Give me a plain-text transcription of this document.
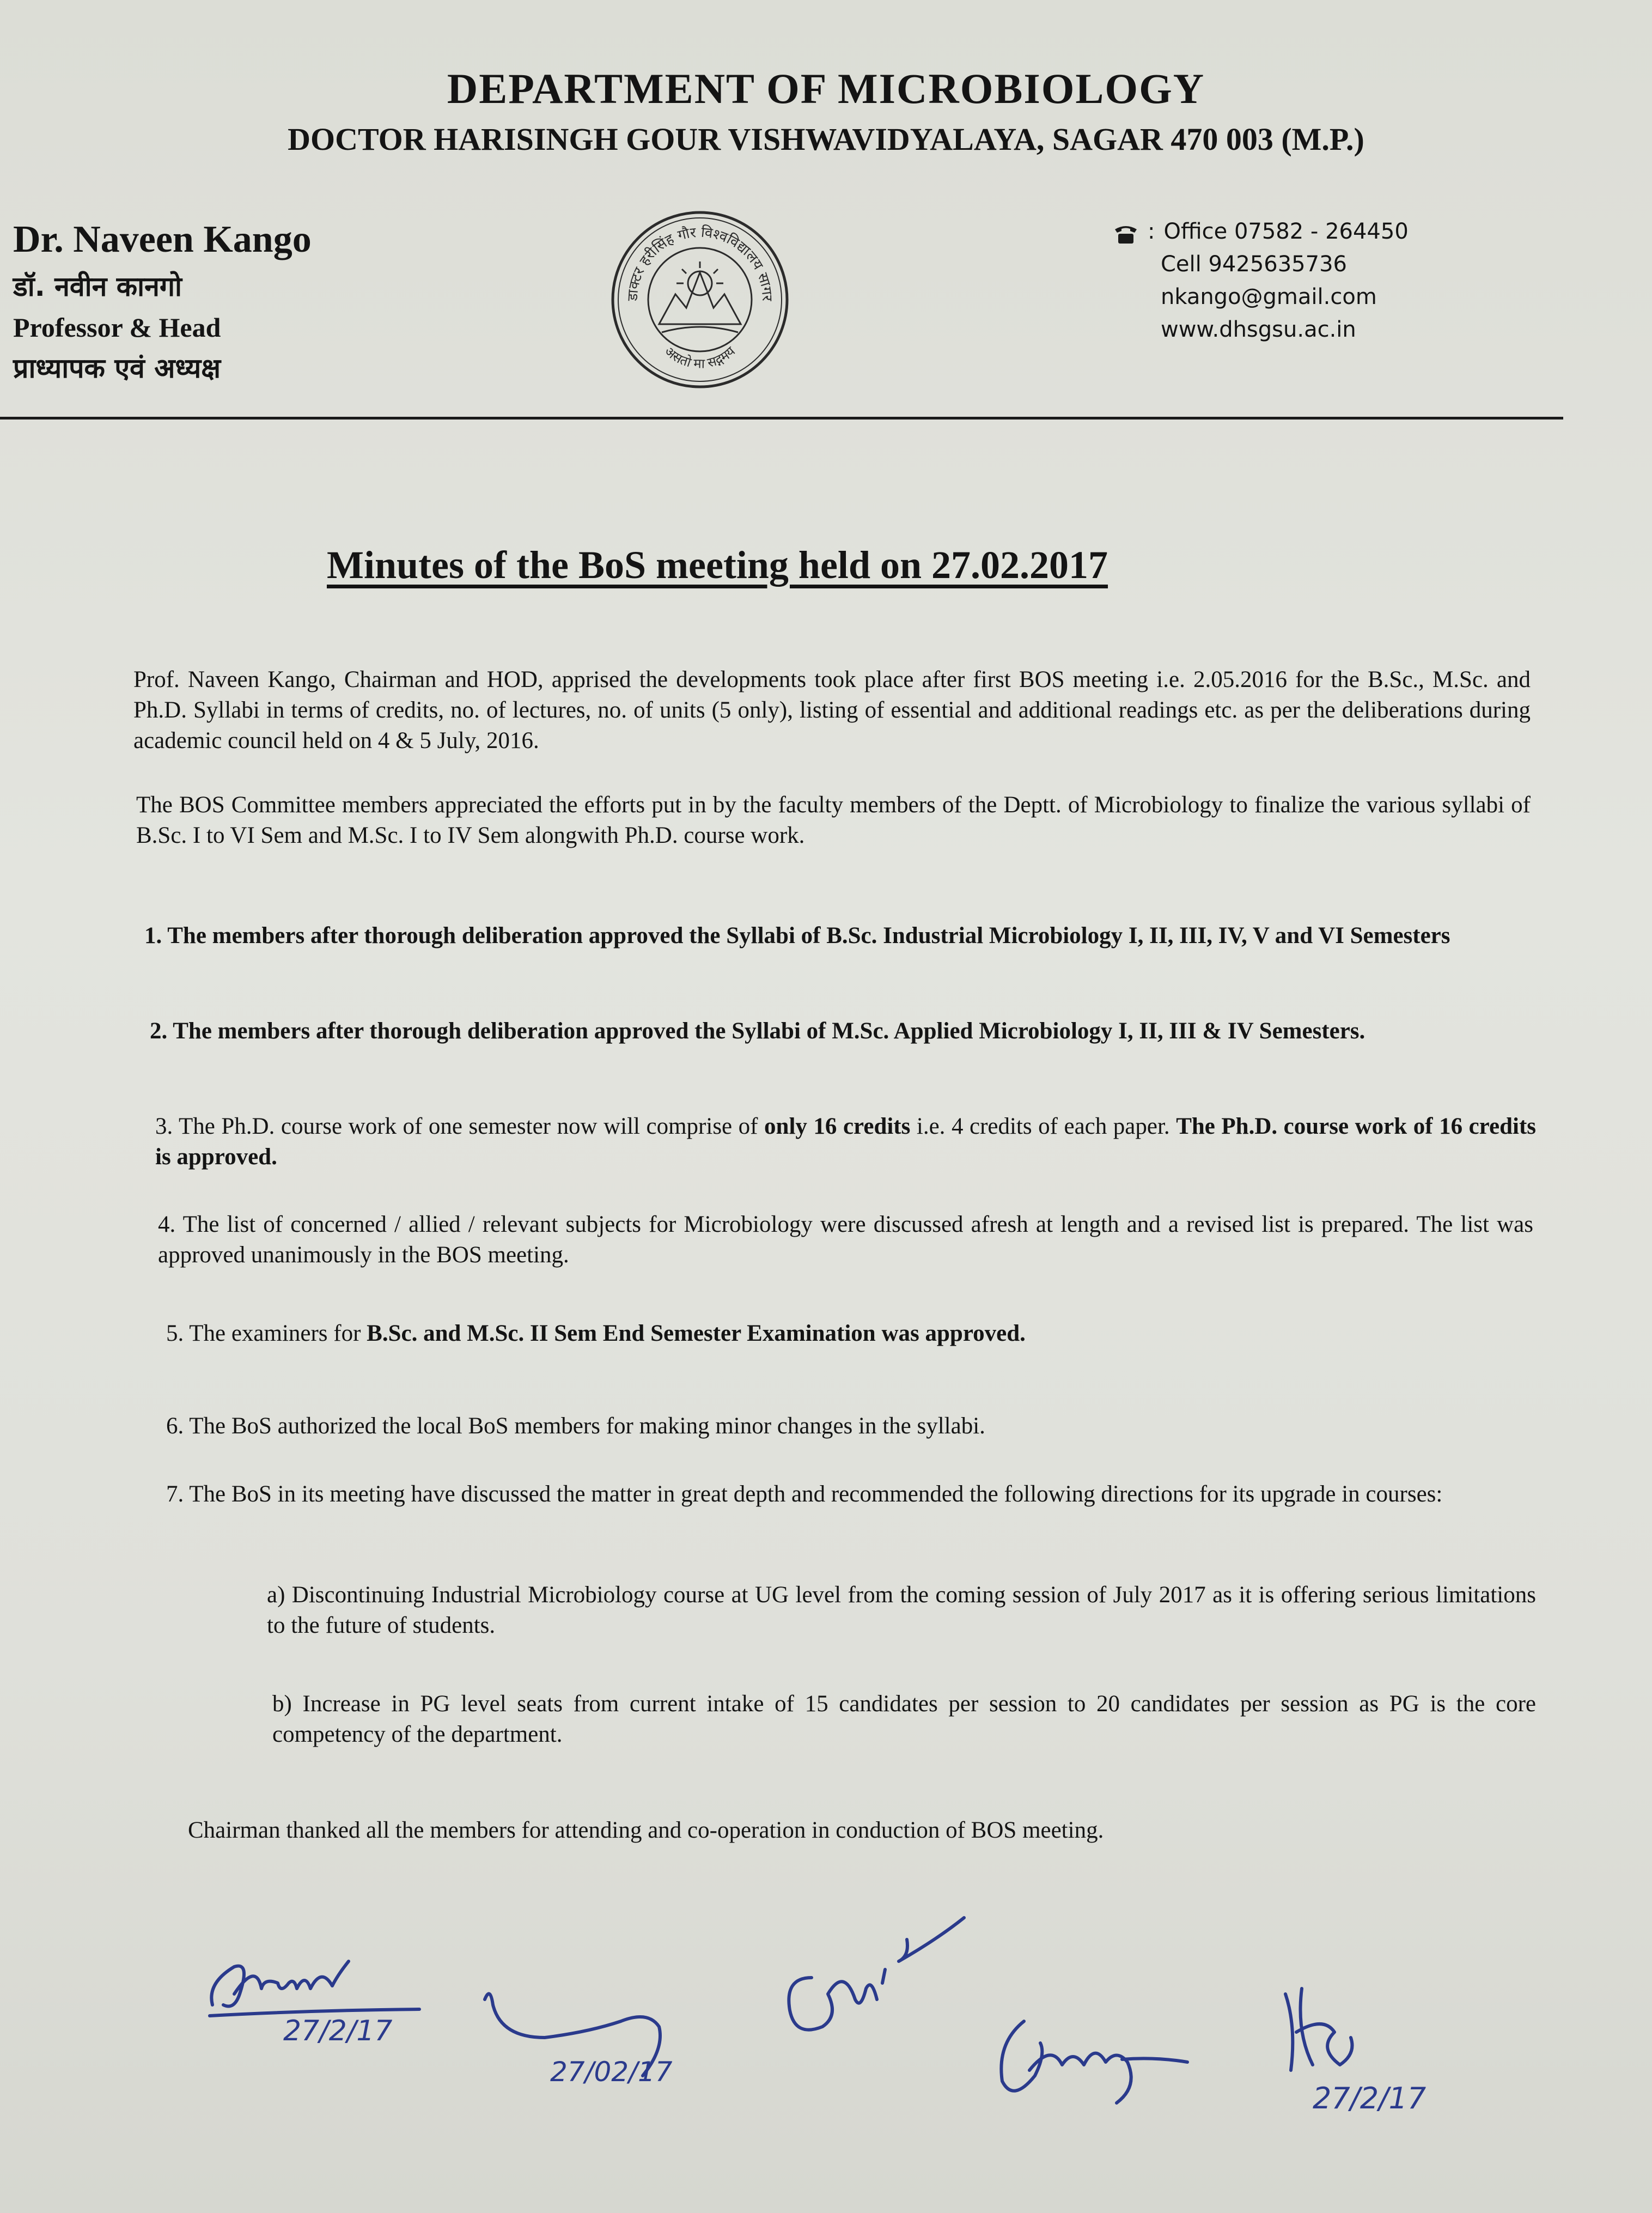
DEPARTMENT OF MICROBIOLOGY
DOCTOR HARISINGH GOUR VISHWAVIDYALAYA, SAGAR 470 003 (M.P.)
Dr. Naveen Kango
डॉ. नवीन कानगो
Professor & Head
प्राध्यापक एवं अध्यक्ष
डाक्टर हरीसिंह गौर विश्वविद्यालय सागर
असतो मा सद्गमय
: Office 07582 - 264450
Cell 9425635736
nkango@gmail.com
www.dhsgsu.ac.in
Minutes of the BoS meeting held on 27.02.2017

Prof. Naveen Kango, Chairman and HOD, apprised the developments took place after first BOS meeting i.e. 2.05.2016 for the B.Sc., M.Sc. and Ph.D. Syllabi in terms of credits, no. of lectures, no. of units (5 only), listing of essential and additional readings etc. as per the deliberations during academic council held on 4 & 5 July, 2016.

The BOS Committee members appreciated the efforts put in by the faculty members of the Deptt. of Microbiology to finalize the various syllabi of B.Sc. I to VI Sem and M.Sc. I to IV Sem alongwith Ph.D. course work.

1. The members after thorough deliberation approved the Syllabi of B.Sc. Industrial Microbiology I, II, III, IV, V and VI Semesters

2. The members after thorough deliberation approved the Syllabi of M.Sc. Applied Microbiology I, II, III & IV Semesters.

3. The Ph.D. course work of one semester now will comprise of only 16 credits i.e. 4 credits of each paper. The Ph.D. course work of 16 credits is approved.

4. The list of concerned / allied / relevant subjects for Microbiology were discussed afresh at length and a revised list is prepared. The list was approved unanimously in the BOS meeting.

5. The examiners for B.Sc. and M.Sc. II Sem End Semester Examination was approved.

6. The BoS authorized the local BoS members for making minor changes in the syllabi.

7. The BoS in its meeting have discussed the matter in great depth and recommended the following directions for its upgrade in courses:

a) Discontinuing Industrial Microbiology course at UG level from the coming session of July 2017 as it is offering serious limitations to the future of students.

b) Increase in PG level seats from current intake of 15 candidates per session to 20 candidates per session as PG is the core competency of the department.

Chairman thanked all the members for attending and co-operation in conduction of BOS meeting.
27/2/17
27/02/17
27/2/17
